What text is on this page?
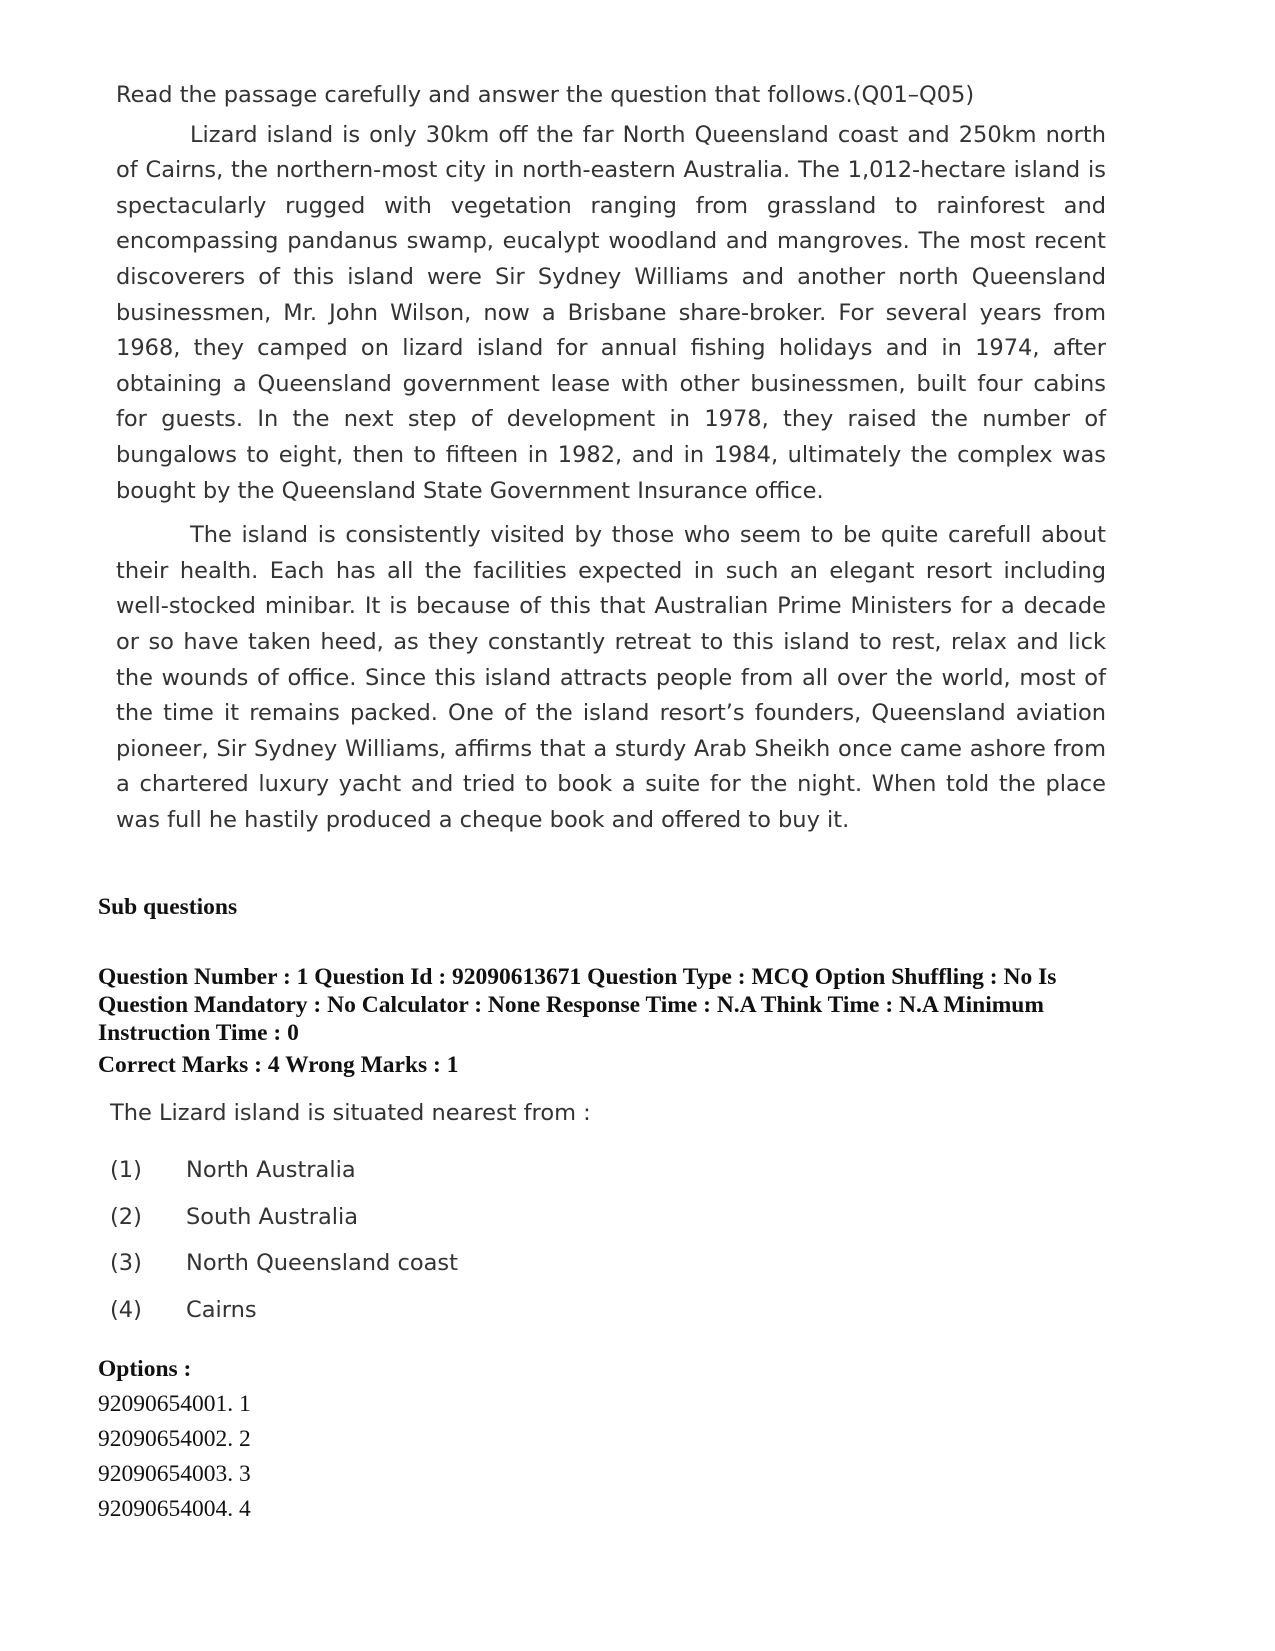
Read the passage carefully and answer the question that follows.(Q01–Q05)

Lizard island is only 30km off the far North Queensland coast and 250km north of Cairns, the northern-most city in north-eastern Australia. The 1,012-hectare island is spectacularly rugged with vegetation ranging from grassland to rainforest and encompassing pandanus swamp, eucalypt woodland and mangroves. The most recent discoverers of this island were Sir Sydney Williams and another north Queensland businessmen, Mr. John Wilson, now a Brisbane share-broker. For several years from 1968, they camped on lizard island for annual fishing holidays and in 1974, after obtaining a Queensland government lease with other businessmen, built four cabins for guests. In the next step of development in 1978, they raised the number of bungalows to eight, then to fifteen in 1982, and in 1984, ultimately the complex was bought by the Queensland State Government Insurance office.

The island is consistently visited by those who seem to be quite carefull about their health. Each has all the facilities expected in such an elegant resort including well-stocked minibar. It is because of this that Australian Prime Ministers for a decade or so have taken heed, as they constantly retreat to this island to rest, relax and lick the wounds of office. Since this island attracts people from all over the world, most of the time it remains packed. One of the island resort’s founders, Queensland aviation pioneer, Sir Sydney Williams, affirms that a sturdy Arab Sheikh once came ashore from a chartered luxury yacht and tried to book a suite for the night. When told the place was full he hastily produced a cheque book and offered to buy it.

Sub questions
Question Number : 1 Question Id : 92090613671 Question Type : MCQ Option Shuffling : No Is Question Mandatory : No Calculator : None Response Time : N.A Think Time : N.A Minimum Instruction Time : 0
Correct Marks : 4 Wrong Marks : 1
The Lizard island is situated nearest from :
(1)	North Australia
(2)	South Australia
(3)	North Queensland coast
(4)	Cairns
Options :
92090654001. 1
92090654002. 2
92090654003. 3
92090654004. 4
